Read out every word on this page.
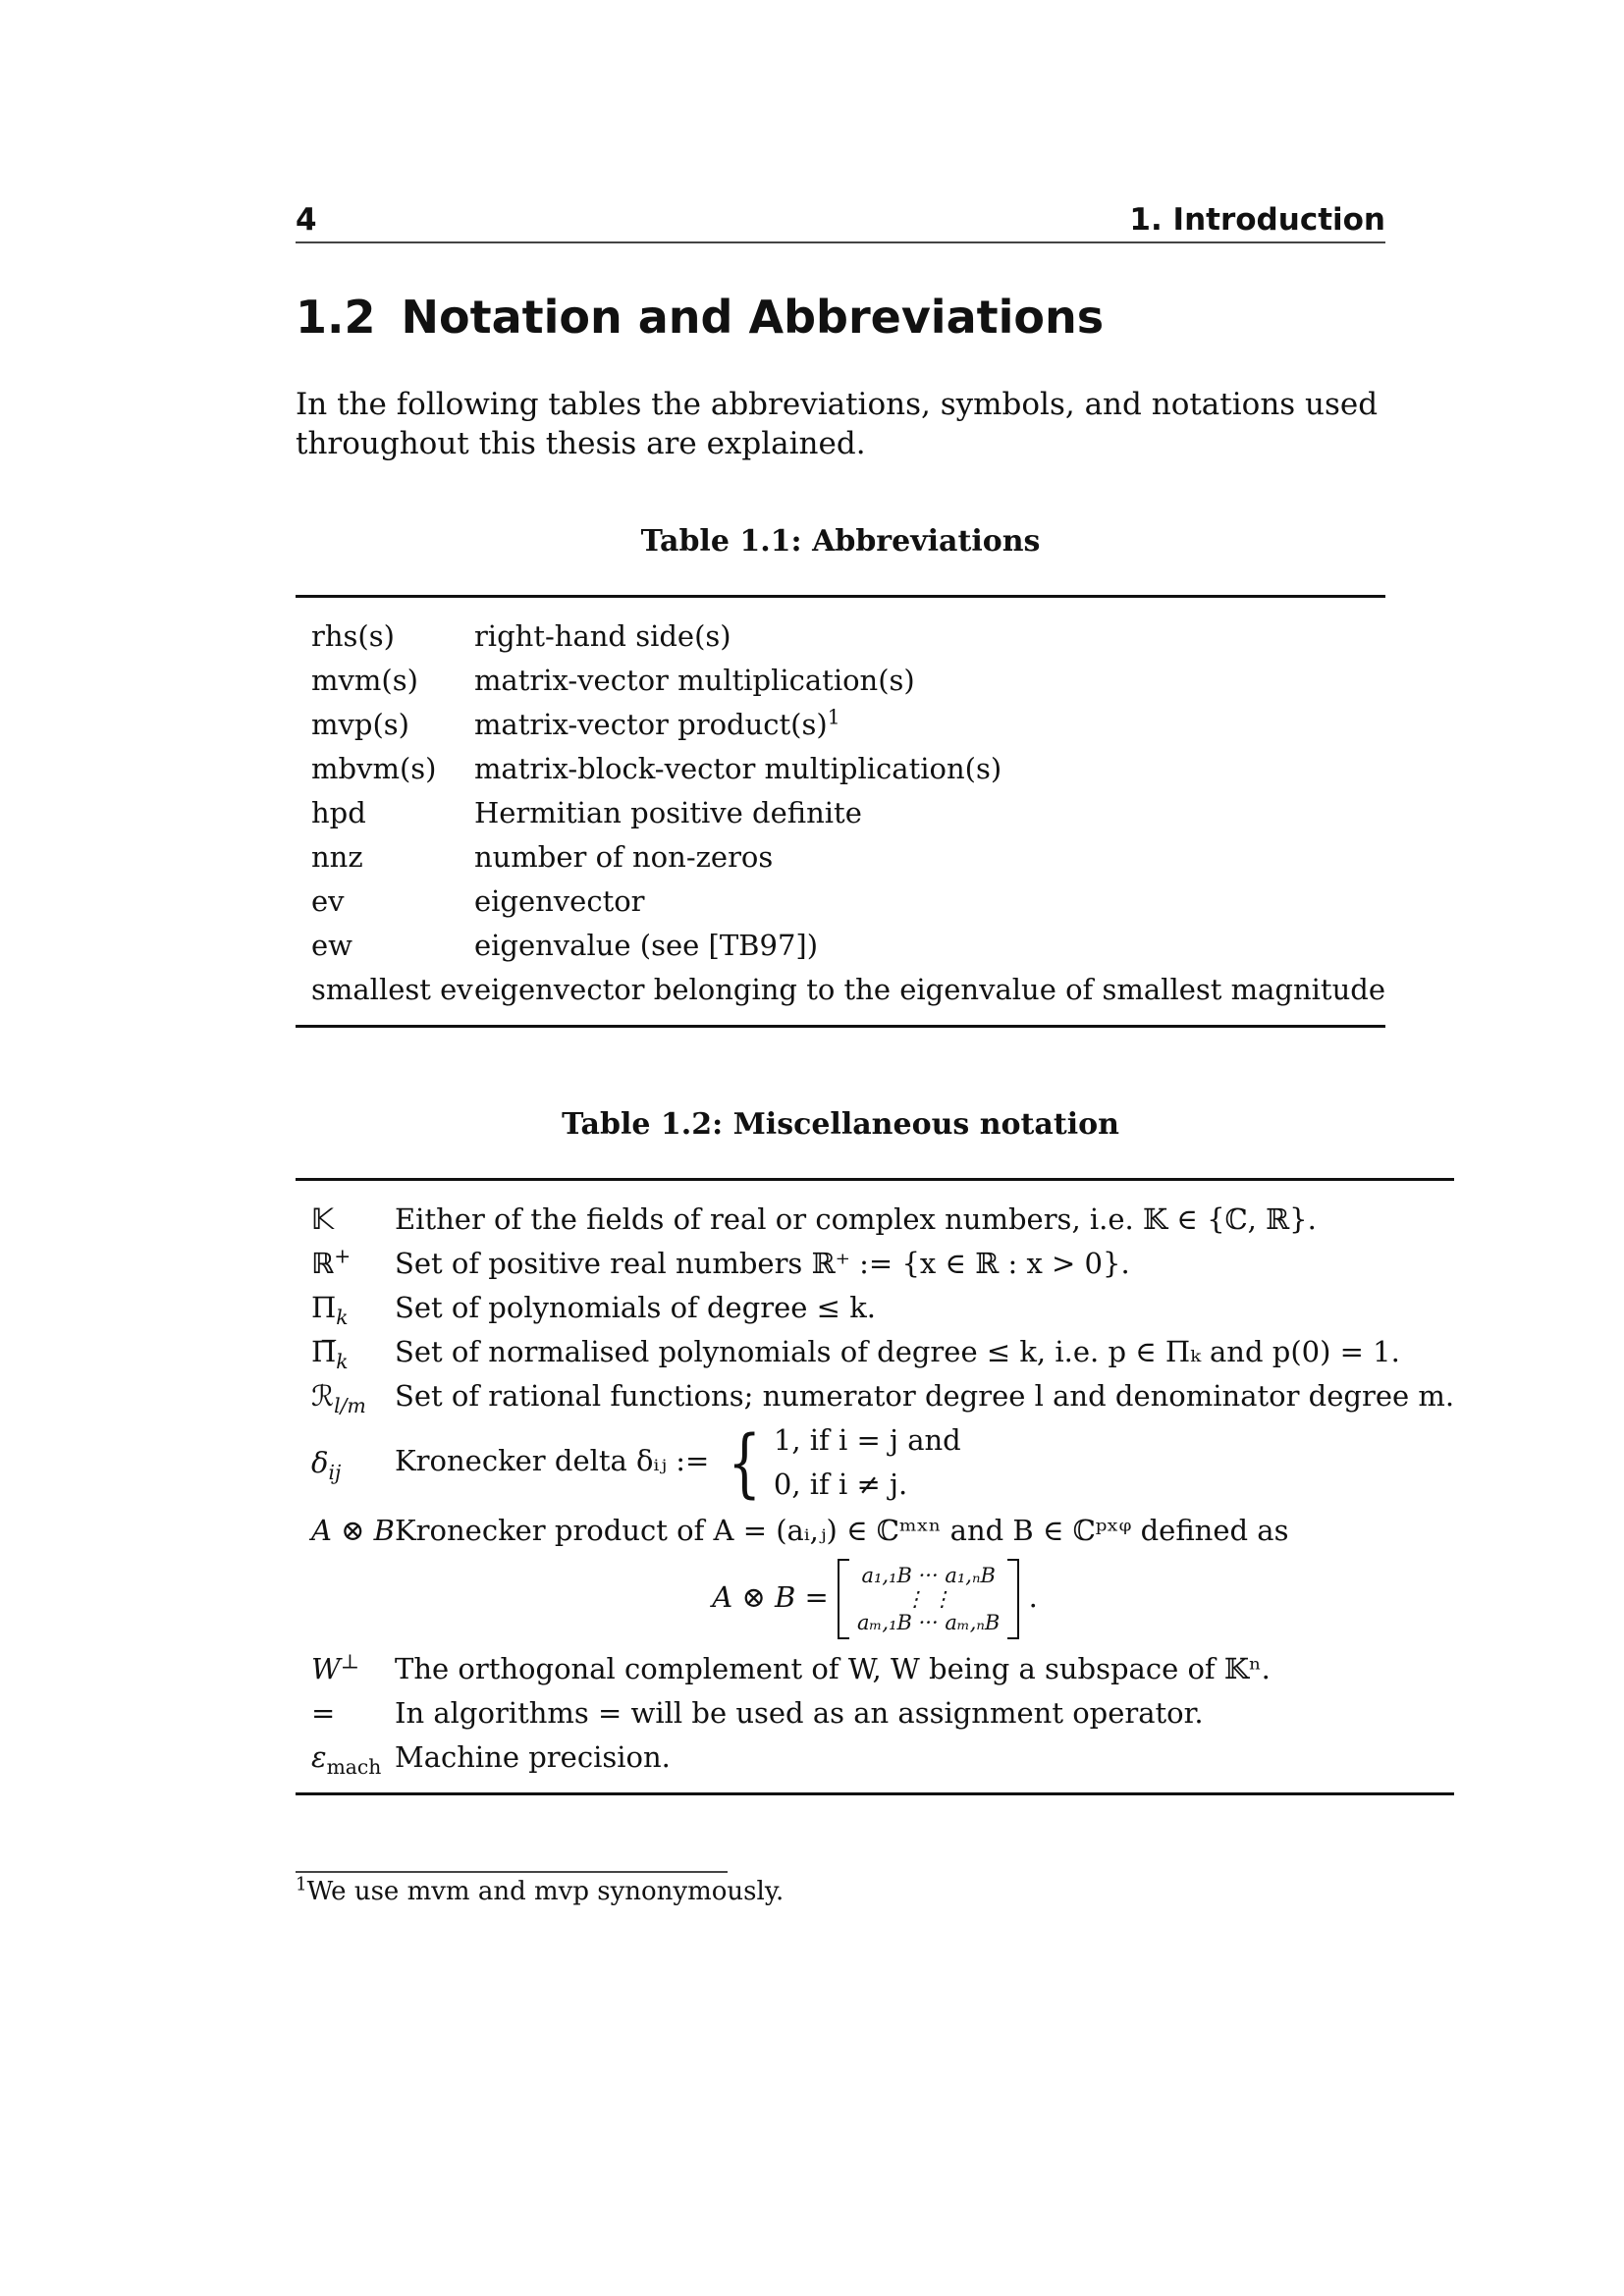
4	1. Introduction
1.2 Notation and Abbreviations

In the following tables the abbreviations, symbols, and notations used throughout this thesis are explained.

Table 1.1: Abbreviations
rhs(s)	right-hand side(s)
mvm(s)	matrix-vector multiplication(s)
mvp(s)	matrix-vector $product(s)^1$
mbvm(s)	matrix-block-vector multiplication(s)
hpd	Hermitian positive definite
nnz	number of non-zeros
ev	eigenvector
ew	eigenvalue (see [TB97])
smallest ev	eigenvector belonging to the eigenvalue of smallest magnitude
Table 1.2: Miscellaneous notation
𝕂	Either of the fields of real or complex numbers, i.e. 𝕂 ∈ {ℂ, ℝ}.
ℝ+	Set of positive real numbers ℝ⁺ := {x ∈ ℝ : x > 0}.
$\Pi_k$	Set of polynomials of degree ≤ k.
$\Pi̅_k$	Set of normalised polynomials of degree ≤ k, i.e. p ∈ Πₖ and p(0) = 1.
ℛ$_{l/m}$	Set of rational functions; numerator degree l and denominator degree m.
$\delta_{ij}$	Kronecker delta δᵢⱼ := { 1, if i = j and
0, if i ≠ j.

A ⊗ B	Kronecker product of A = (aᵢ,ⱼ) ∈ ℂᵐˣⁿ and B ∈ ℂᵖˣᵠ defined as
A ⊗ B =
a₁,₁B ··· a₁,ₙB
⋮ ⋮
aₘ,₁B ··· aₘ,ₙB
.	
W⊥	The orthogonal complement of W, W being a subspace of 𝕂ⁿ.
=	In algorithms = will be used as an assignment operator.
$\varepsilon_{mach}$	Machine precision.
$^1$We use mvm and mvp synonymously.
